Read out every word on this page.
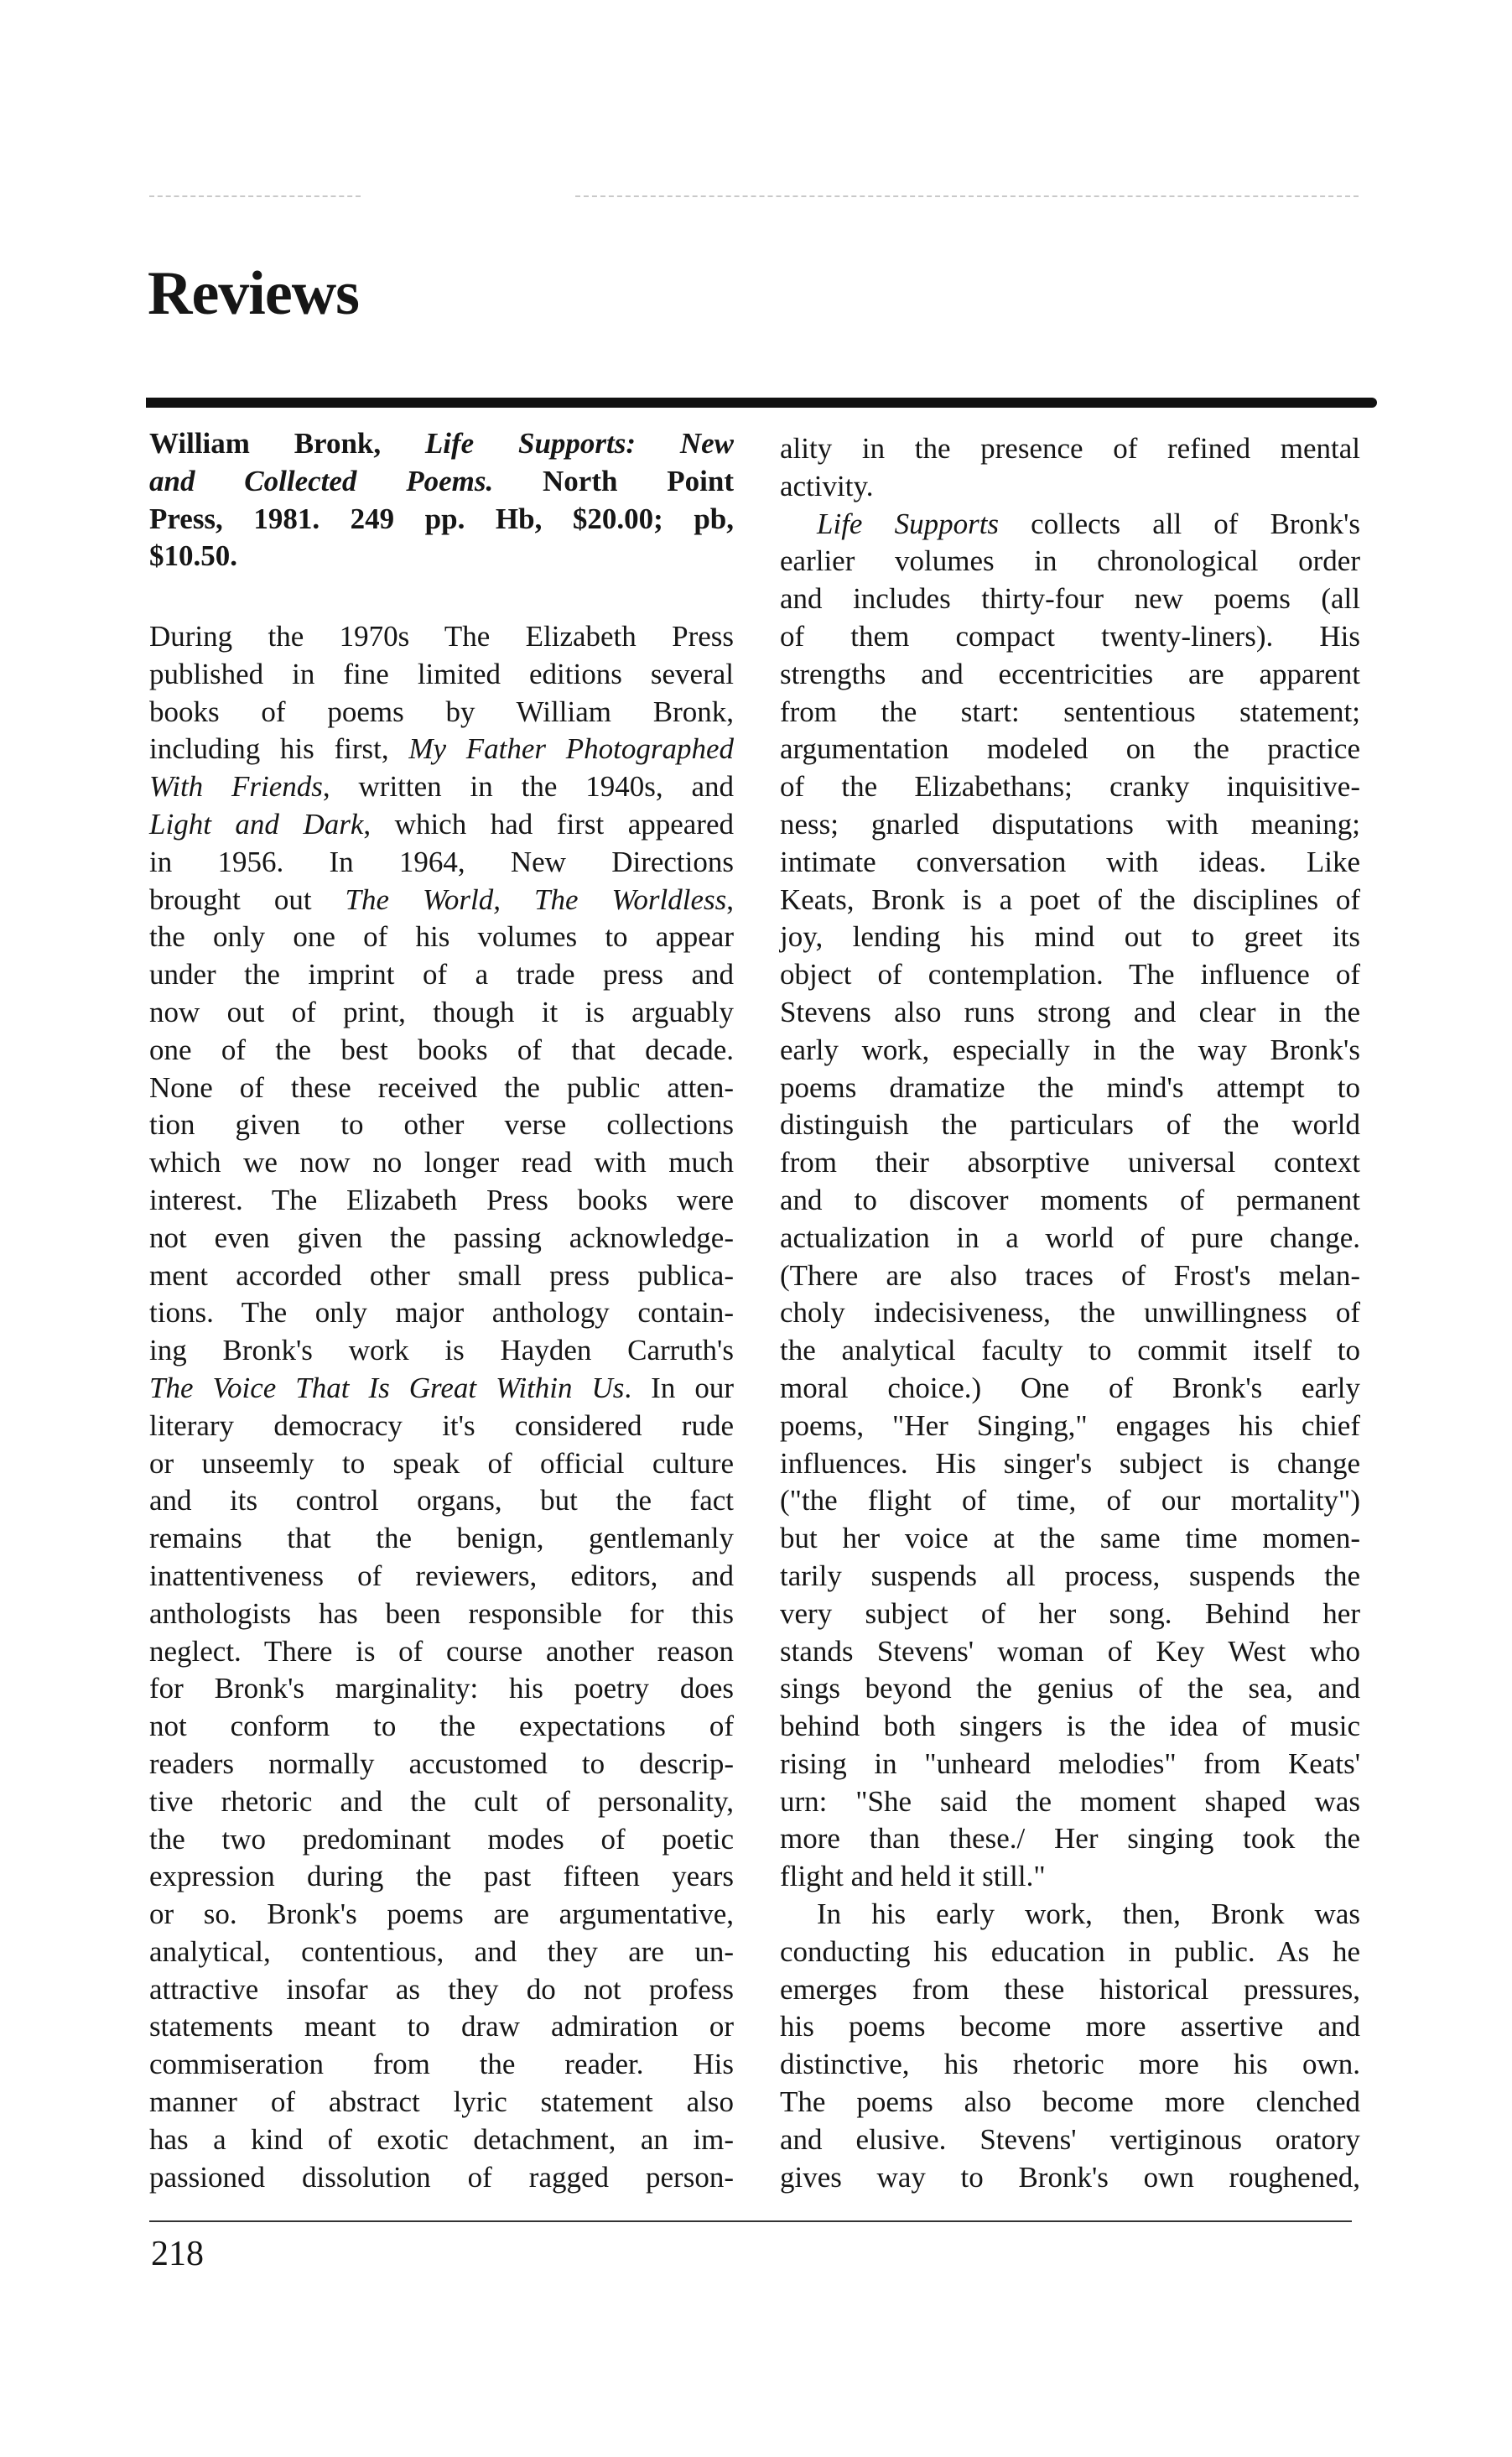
Reviews
William Bronk, Life Supports: New
and Collected Poems. North Point
Press, 1981. 249 pp. Hb, $20.00; pb,
$10.50.
During the 1970s The Elizabeth Press
published in fine limited editions several
books of poems by William Bronk,
including his first, My Father Photographed
With Friends, written in the 1940s, and
Light and Dark, which had first appeared
in 1956. In 1964, New Directions
brought out The World, The Worldless,
the only one of his volumes to appear
under the imprint of a trade press and
now out of print, though it is arguably
one of the best books of that decade.
None of these received the public atten-
tion given to other verse collections
which we now no longer read with much
interest. The Elizabeth Press books were
not even given the passing acknowledge-
ment accorded other small press publica-
tions. The only major anthology contain-
ing Bronk's work is Hayden Carruth's
The Voice That Is Great Within Us. In our
literary democracy it's considered rude
or unseemly to speak of official culture
and its control organs, but the fact
remains that the benign, gentlemanly
inattentiveness of reviewers, editors, and
anthologists has been responsible for this
neglect. There is of course another reason
for Bronk's marginality: his poetry does
not conform to the expectations of
readers normally accustomed to descrip-
tive rhetoric and the cult of personality,
the two predominant modes of poetic
expression during the past fifteen years
or so. Bronk's poems are argumentative,
analytical, contentious, and they are un-
attractive insofar as they do not profess
statements meant to draw admiration or
commiseration from the reader. His
manner of abstract lyric statement also
has a kind of exotic detachment, an im-
passioned dissolution of ragged person-
ality in the presence of refined mental
activity.
Life Supports collects all of Bronk's
earlier volumes in chronological order
and includes thirty-four new poems (all
of them compact twenty-liners). His
strengths and eccentricities are apparent
from the start: sententious statement;
argumentation modeled on the practice
of the Elizabethans; cranky inquisitive-
ness; gnarled disputations with meaning;
intimate conversation with ideas. Like
Keats, Bronk is a poet of the disciplines of
joy, lending his mind out to greet its
object of contemplation. The influence of
Stevens also runs strong and clear in the
early work, especially in the way Bronk's
poems dramatize the mind's attempt to
distinguish the particulars of the world
from their absorptive universal context
and to discover moments of permanent
actualization in a world of pure change.
(There are also traces of Frost's melan-
choly indecisiveness, the unwillingness of
the analytical faculty to commit itself to
moral choice.) One of Bronk's early
poems, "Her Singing," engages his chief
influences. His singer's subject is change
("the flight of time, of our mortality")
but her voice at the same time momen-
tarily suspends all process, suspends the
very subject of her song. Behind her
stands Stevens' woman of Key West who
sings beyond the genius of the sea, and
behind both singers is the idea of music
rising in "unheard melodies" from Keats'
urn: "She said the moment shaped was
more than these./ Her singing took the
flight and held it still."
In his early work, then, Bronk was
conducting his education in public. As he
emerges from these historical pressures,
his poems become more assertive and
distinctive, his rhetoric more his own.
The poems also become more clenched
and elusive. Stevens' vertiginous oratory
gives way to Bronk's own roughened,
218
